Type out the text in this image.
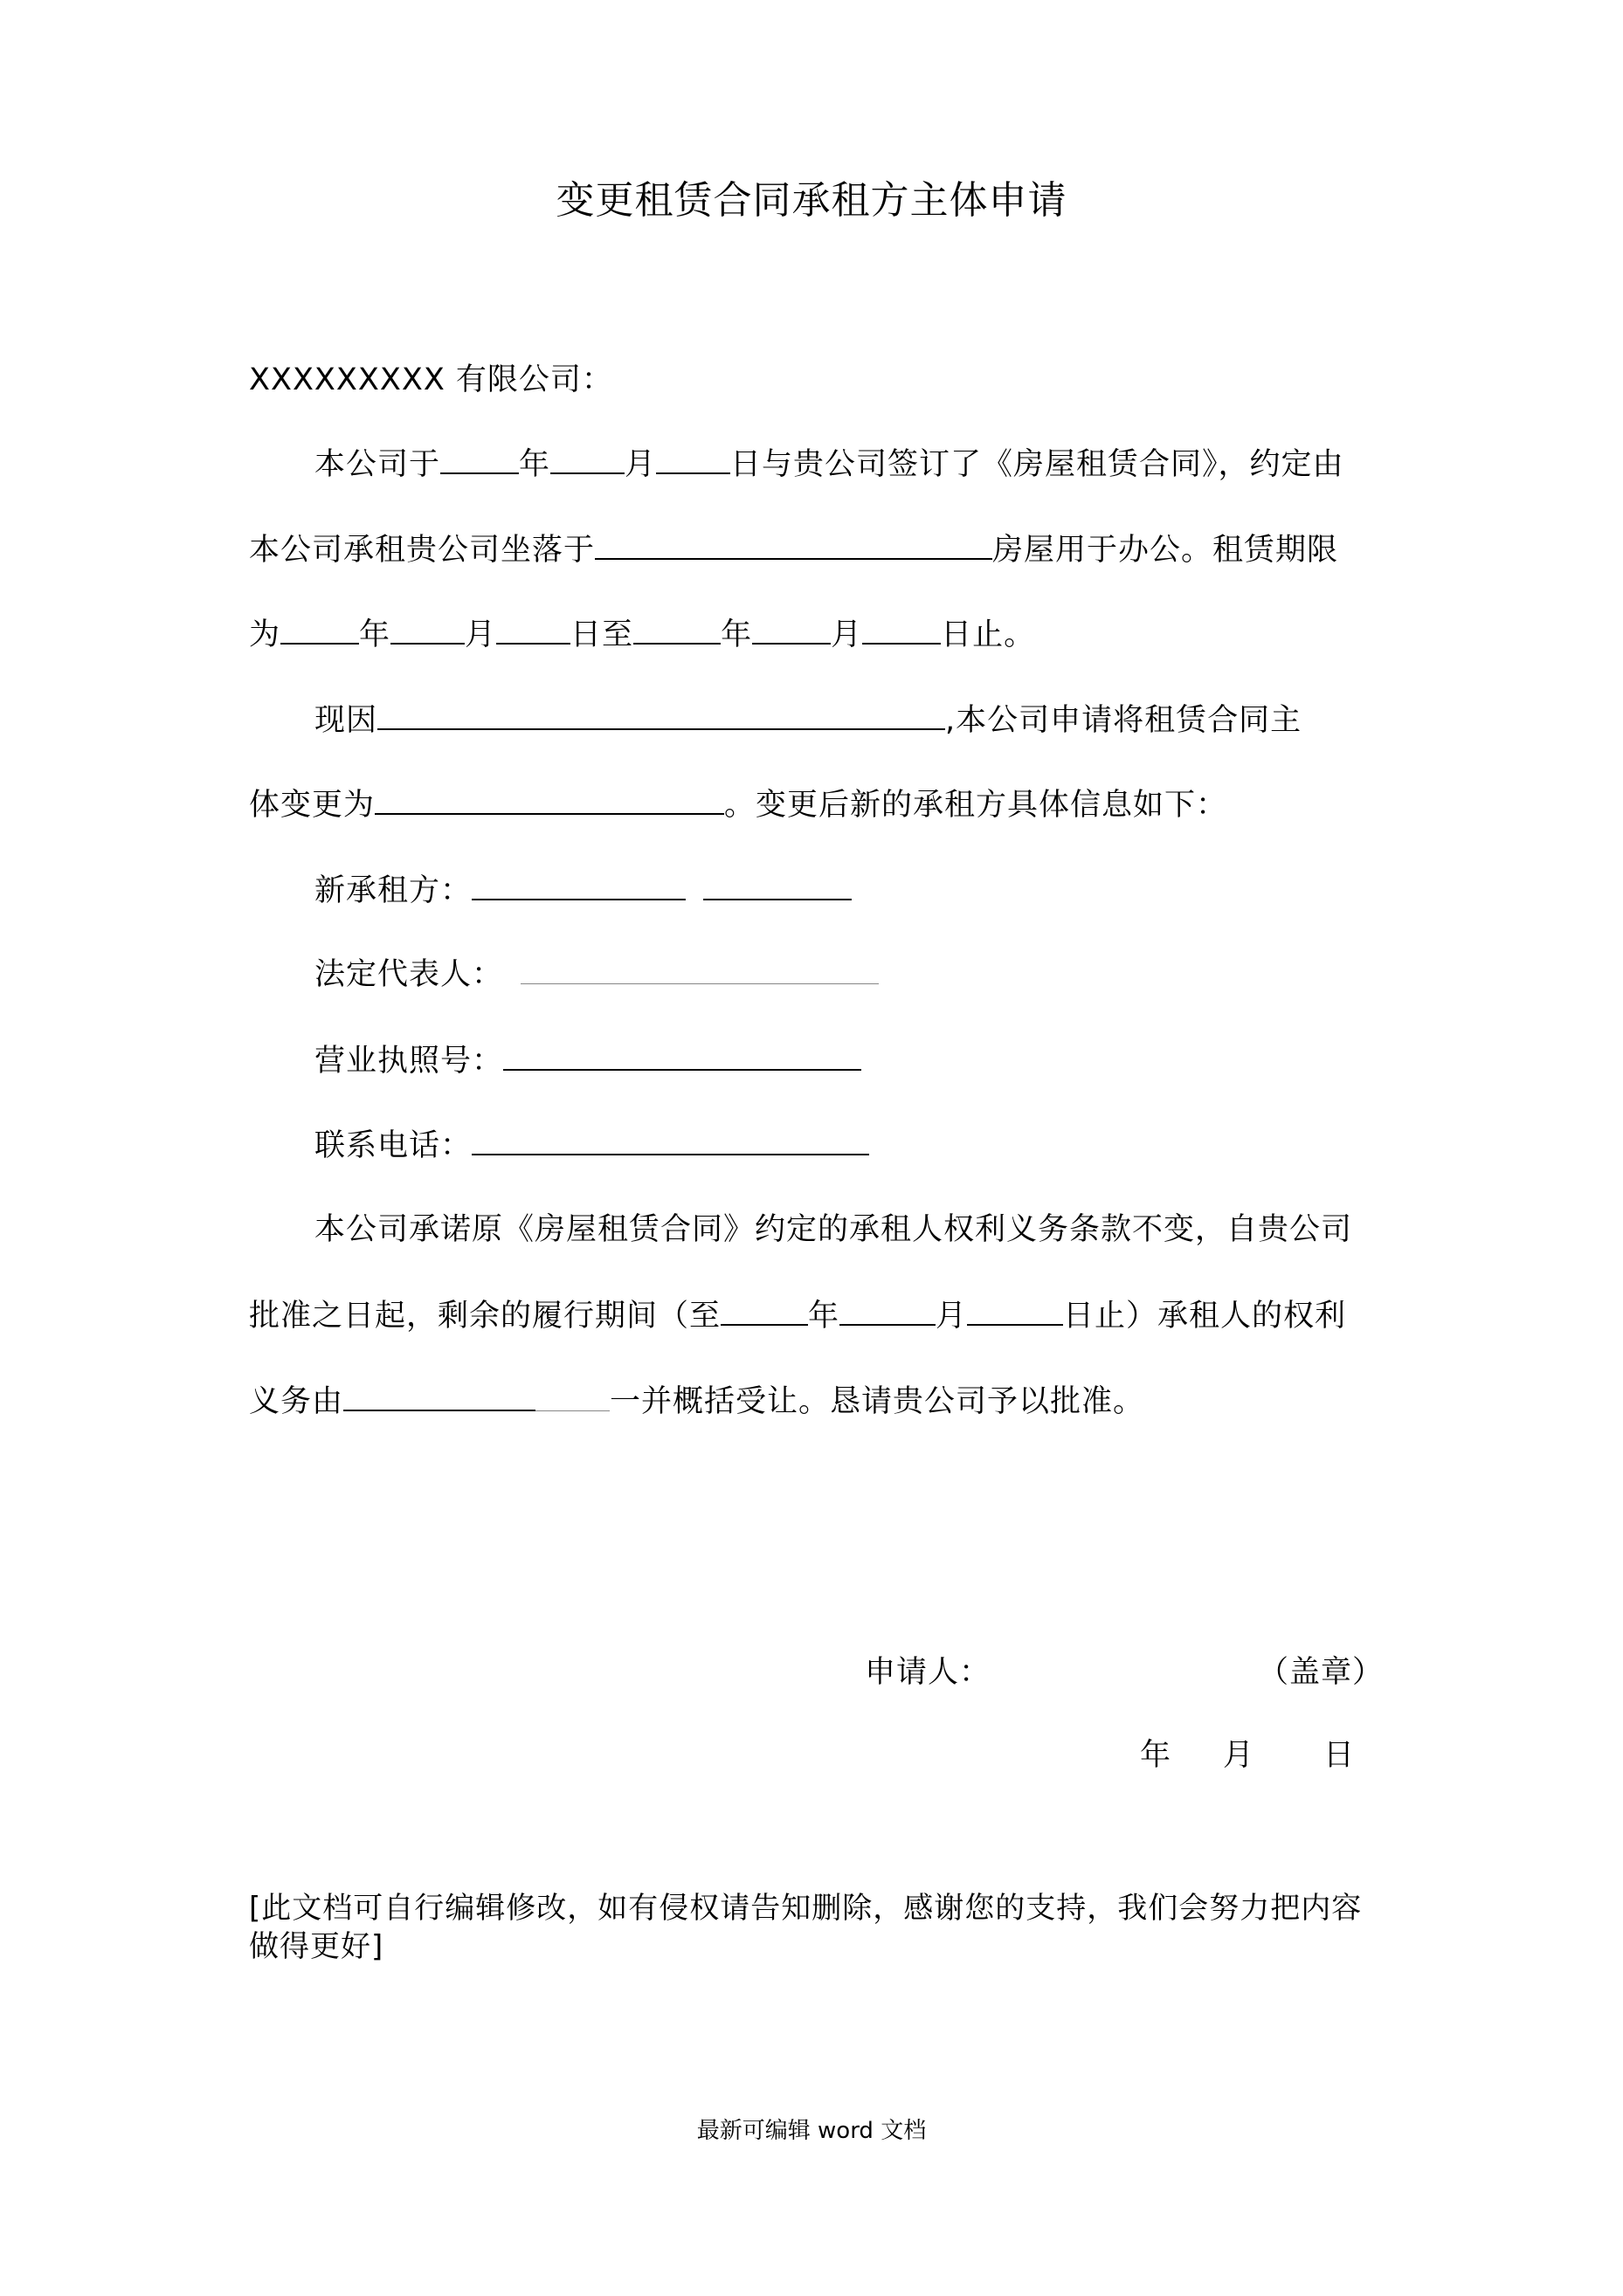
变更租赁合同承租方主体申请
XXXXXXXXX 有限公司：
本公司于	年 月 日与贵公司签订了《房屋租赁合同》，约定由
本公司承租贵公司坐落于	房屋用于办公。租赁期限
为	年 月 日至	年	月	日止。
现因	,本公司申请将租赁合同主
体变更为	。变更后新的承租方具体信息如下：
新承租方：
法定代表人：
营业执照号：
联系电话：
本公司承诺原《房屋租赁合同》约定的承租人权利义务条款不变，自贵公司
批准之日起，剩余的履行期间（至	年	月	日止）承租人的权利
义务由	一并概括受让。恳请贵公司予以批准。
申请人：	（盖章）
年 月 日
[此文档可自行编辑修改，如有侵权请告知删除，感谢您的支持，我们会努力把内容做得更好]
最新可编辑 word 文档
